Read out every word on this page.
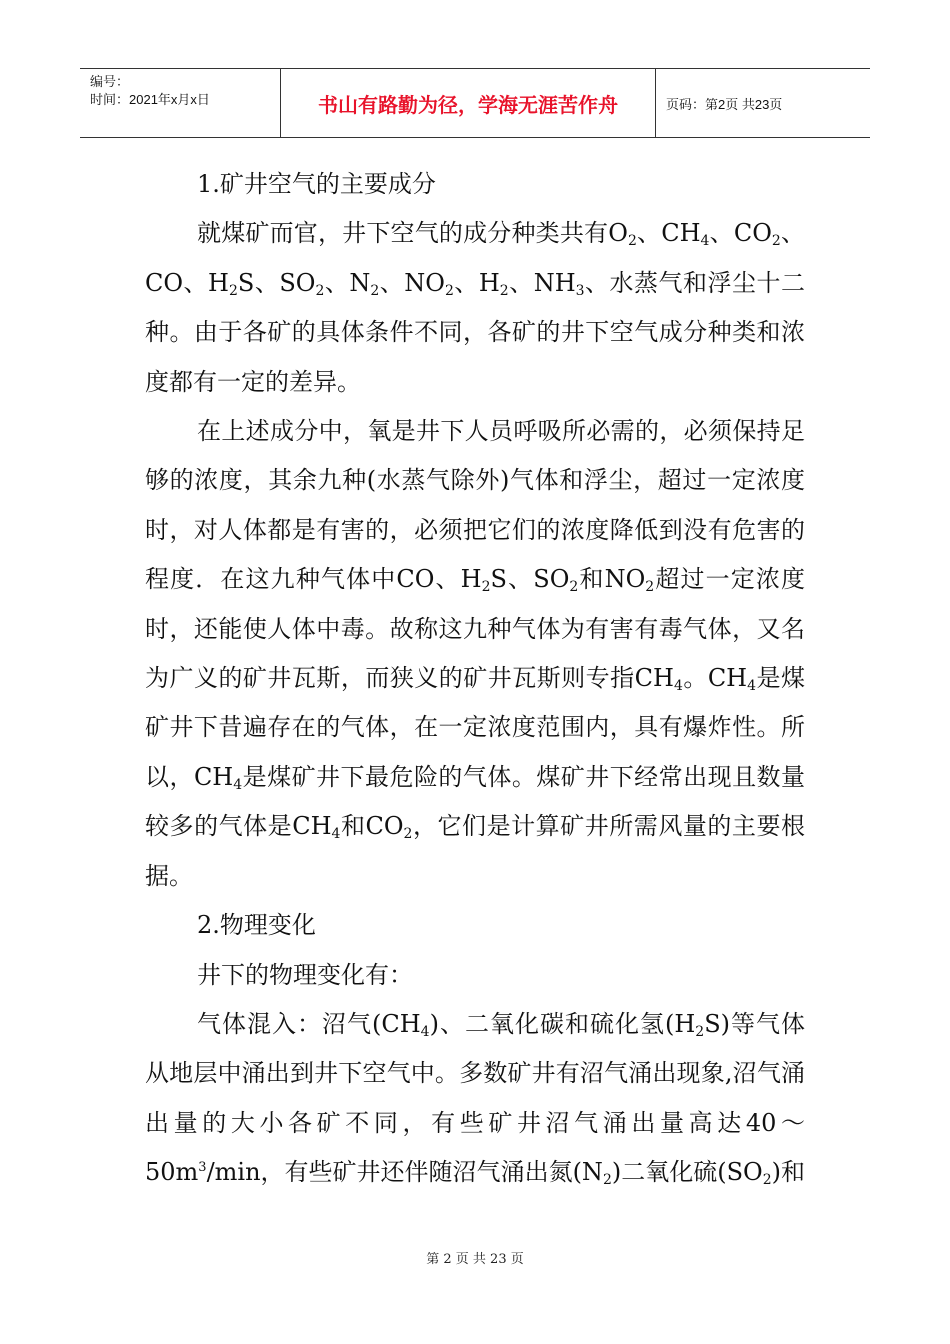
编号：
时间：2021年x月x日	书山有路勤为径，学海无涯苦作舟	页码：第2页 共23页

1.矿井空气的主要成分

就煤矿而官，井下空气的成分种类共有$O_2$、$CH_4$、$CO_2$、CO、$H_2S$、$SO_2$、$N_2$、$NO_2$、$H_2$、$NH_3$、水蒸气和浮尘十二种。由于各矿的具体条件不同，各矿的井下空气成分种类和浓度都有一定的差异。

在上述成分中，氧是井下人员呼吸所必需的，必须保持足够的浓度，其余九种(水蒸气除外)气体和浮尘，超过一定浓度时，对人体都是有害的，必须把它们的浓度降低到没有危害的程度．在这九种气体中CO、$H_2S$、$SO_2$和$NO_2$超过一定浓度时，还能使人体中毒。故称这九种气体为有害有毒气体，又名为广义的矿井瓦斯，而狭义的矿井瓦斯则专指$CH_4$。$CH_4$是煤矿井下昔遍存在的气体，在一定浓度范围内，具有爆炸性。所以，$CH_4$是煤矿井下最危险的气体。煤矿井下经常出现且数量较多的气体是$CH_4$和$CO_2$，它们是计算矿井所需风量的主要根据。

2.物理变化

井下的物理变化有：

气体混入：沼气$(CH_4)$、二氧化碳和硫化氢$(H_2S)$等气体从地层中涌出到井下空气中。多数矿井有沼气涌出现象,沼气涌出量的大小各矿不同，有些矿井沼气涌出量高达$40\sim 50m^3/\min$，有些矿井还伴随沼气涌出氮$(N_2)$二氧化硫$(SO_2)$和

第 2 页 共 23 页
